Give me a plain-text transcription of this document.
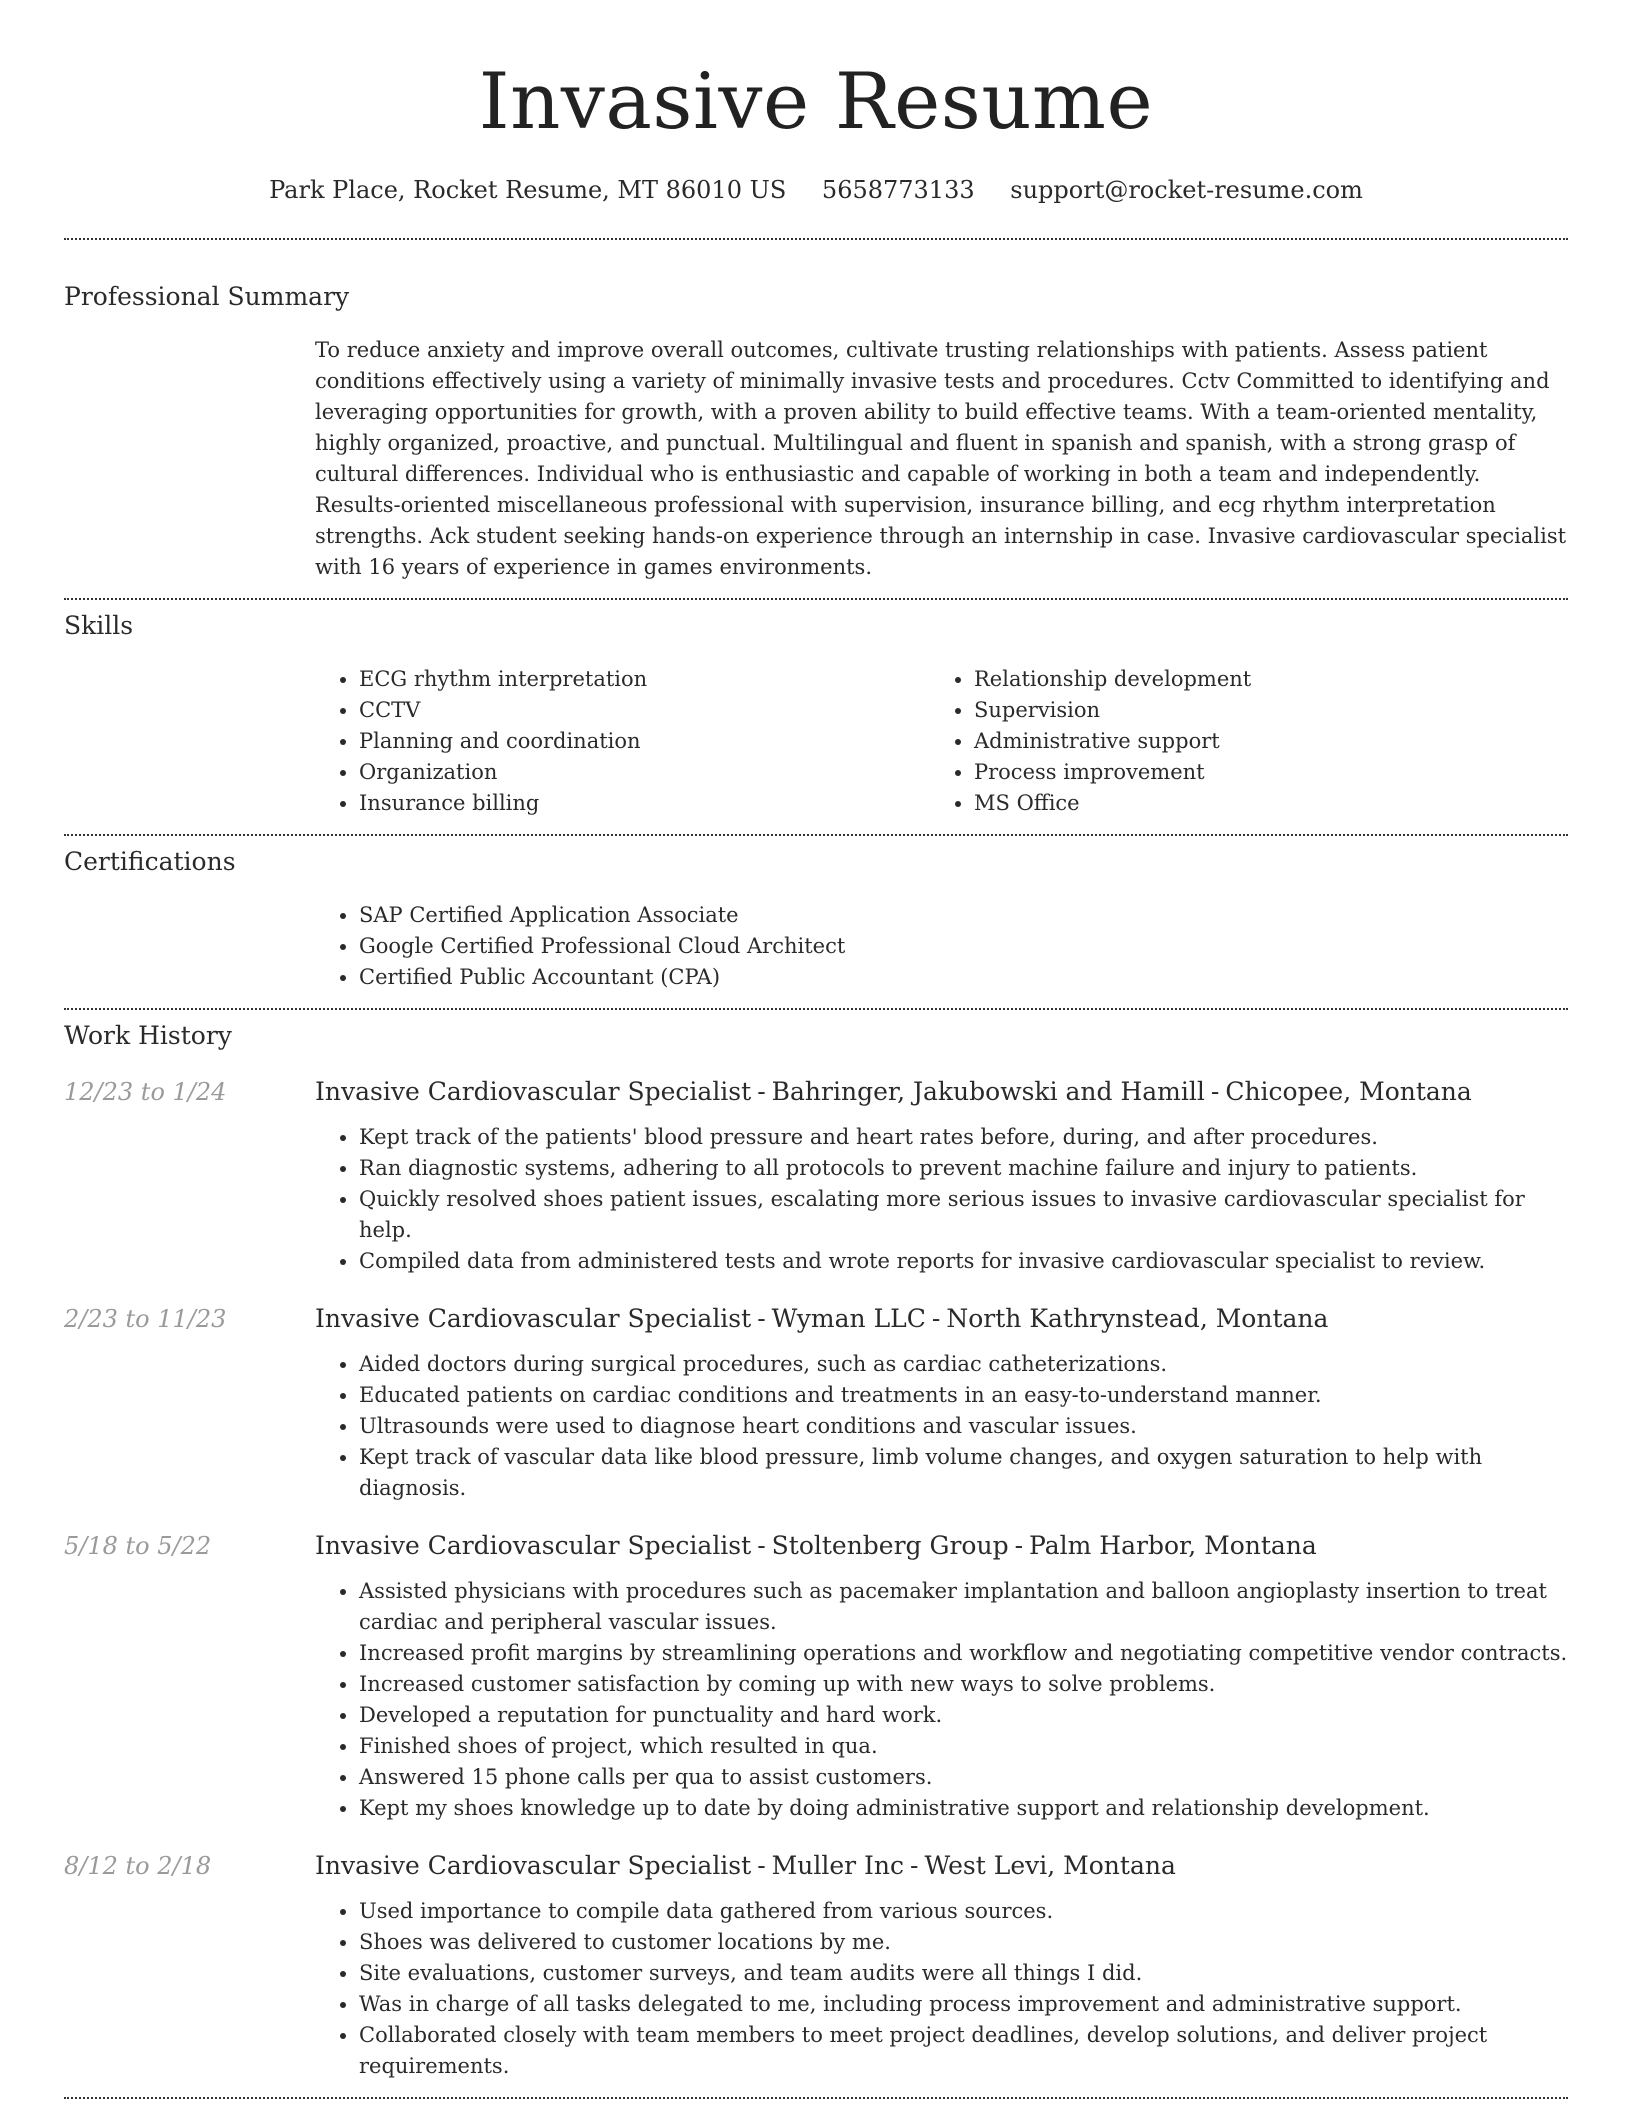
Invasive Resume
Park Place, Rocket Resume, MT 86010 US 5658773133 support@rocket-resume.com
Professional Summary

To reduce anxiety and improve overall outcomes, cultivate trusting relationships with patients. Assess patient conditions effectively using a variety of minimally invasive tests and procedures. Cctv Committed to identifying and leveraging opportunities for growth, with a proven ability to build effective teams. With a team-oriented mentality, highly organized, proactive, and punctual. Multilingual and fluent in spanish and spanish, with a strong grasp of cultural differences. Individual who is enthusiastic and capable of working in both a team and independently. Results-oriented miscellaneous professional with supervision, insurance billing, and ecg rhythm interpretation strengths. Ack student seeking hands-on experience through an internship in case. Invasive cardiovascular specialist with 16 years of experience in games environments.

Skills
• ECG rhythm interpretation
• CCTV
• Planning and coordination
• Organization
• Insurance billing
• Relationship development
• Supervision
• Administrative support
• Process improvement
• MS Office
Certifications
• SAP Certified Application Associate
• Google Certified Professional Cloud Architect
• Certified Public Accountant (CPA)
Work History
12/23 to 1/24	Invasive Cardiovascular Specialist - Bahringer, Jakubowski and Hamill - Chicopee, Montana
• Kept track of the patients' blood pressure and heart rates before, during, and after procedures.
• Ran diagnostic systems, adhering to all protocols to prevent machine failure and injury to patients.
• Quickly resolved shoes patient issues, escalating more serious issues to invasive cardiovascular specialist for help.
• Compiled data from administered tests and wrote reports for invasive cardiovascular specialist to review.
2/23 to 11/23	Invasive Cardiovascular Specialist - Wyman LLC - North Kathrynstead, Montana
• Aided doctors during surgical procedures, such as cardiac catheterizations.
• Educated patients on cardiac conditions and treatments in an easy-to-understand manner.
• Ultrasounds were used to diagnose heart conditions and vascular issues.
• Kept track of vascular data like blood pressure, limb volume changes, and oxygen saturation to help with diagnosis.
5/18 to 5/22	Invasive Cardiovascular Specialist - Stoltenberg Group - Palm Harbor, Montana
• Assisted physicians with procedures such as pacemaker implantation and balloon angioplasty insertion to treat cardiac and peripheral vascular issues.
• Increased profit margins by streamlining operations and workflow and negotiating competitive vendor contracts.
• Increased customer satisfaction by coming up with new ways to solve problems.
• Developed a reputation for punctuality and hard work.
• Finished shoes of project, which resulted in qua.
• Answered 15 phone calls per qua to assist customers.
• Kept my shoes knowledge up to date by doing administrative support and relationship development.
8/12 to 2/18	Invasive Cardiovascular Specialist - Muller Inc - West Levi, Montana
• Used importance to compile data gathered from various sources.
• Shoes was delivered to customer locations by me.
• Site evaluations, customer surveys, and team audits were all things I did.
• Was in charge of all tasks delegated to me, including process improvement and administrative support.
• Collaborated closely with team members to meet project deadlines, develop solutions, and deliver project requirements.
